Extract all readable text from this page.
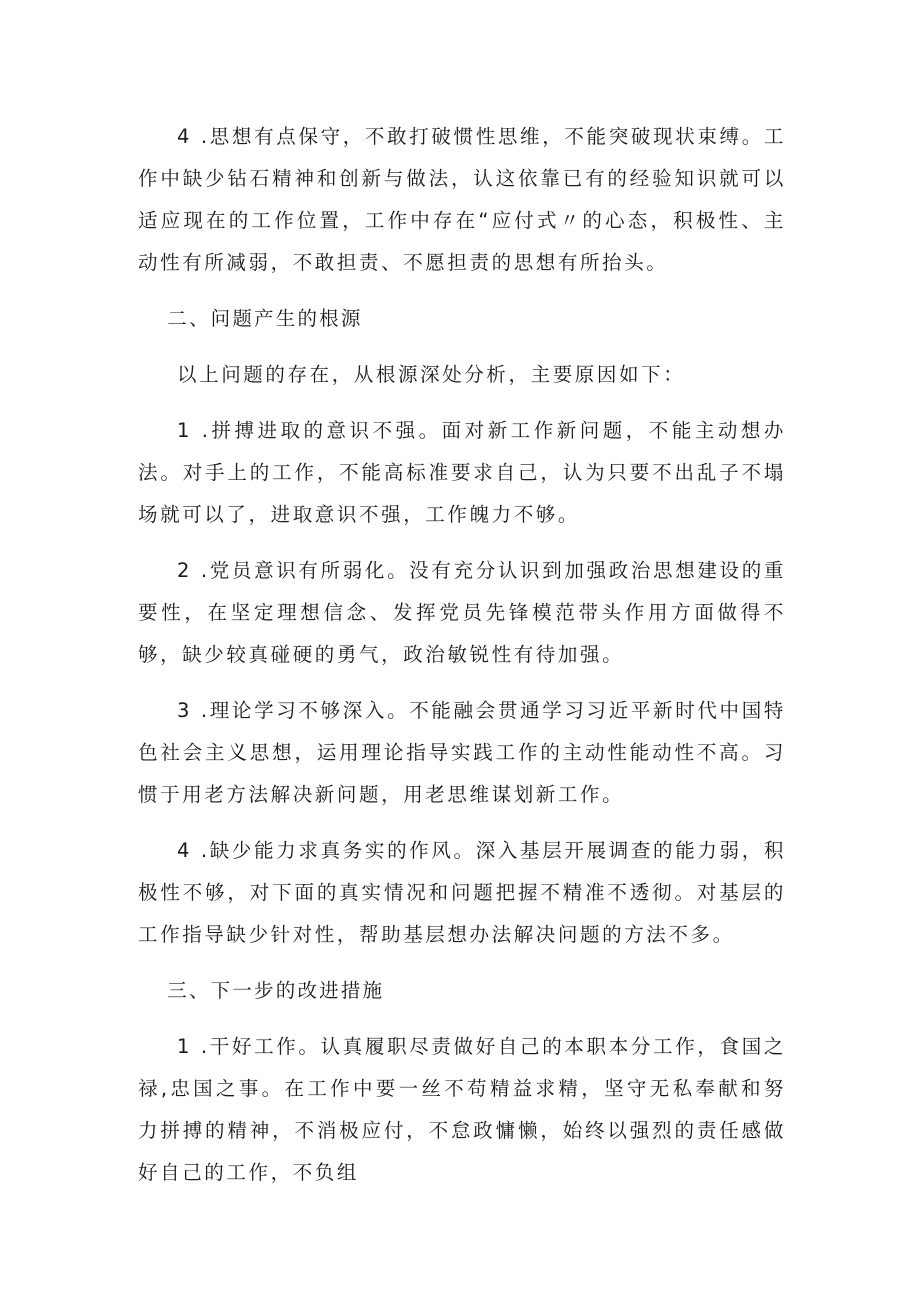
4 .思想有点保守，不敢打破惯性思维，不能突破现状束缚。工作中缺少钻石精神和创新与做法，认这依靠已有的经验知识就可以适应现在的工作位置，工作中存在“应付式〃的心态，积极性、主动性有所减弱，不敢担责、不愿担责的思想有所抬头。

二、问题产生的根源

以上问题的存在，从根源深处分析，主要原因如下：

1 .拼搏进取的意识不强。面对新工作新问题，不能主动想办法。对手上的工作，不能高标准要求自己，认为只要不出乱子不塌场就可以了，进取意识不强，工作魄力不够。

2 .党员意识有所弱化。没有充分认识到加强政治思想建设的重要性，在坚定理想信念、发挥党员先锋模范带头作用方面做得不够，缺少较真碰硬的勇气，政治敏锐性有待加强。

3 .理论学习不够深入。不能融会贯通学习习近平新时代中国特色社会主义思想，运用理论指导实践工作的主动性能动性不高。习惯于用老方法解决新问题，用老思维谋划新工作。

4 .缺少能力求真务实的作风。深入基层开展调查的能力弱，积极性不够，对下面的真实情况和问题把握不精准不透彻。对基层的工作指导缺少针对性，帮助基层想办法解决问题的方法不多。

三、下一步的改进措施

1 .干好工作。认真履职尽责做好自己的本职本分工作，食国之禄,忠国之事。在工作中要一丝不苟精益求精，坚守无私奉献和努力拼搏的精神，不消极应付，不怠政慵懒，始终以强烈的责任感做好自己的工作，不负组
